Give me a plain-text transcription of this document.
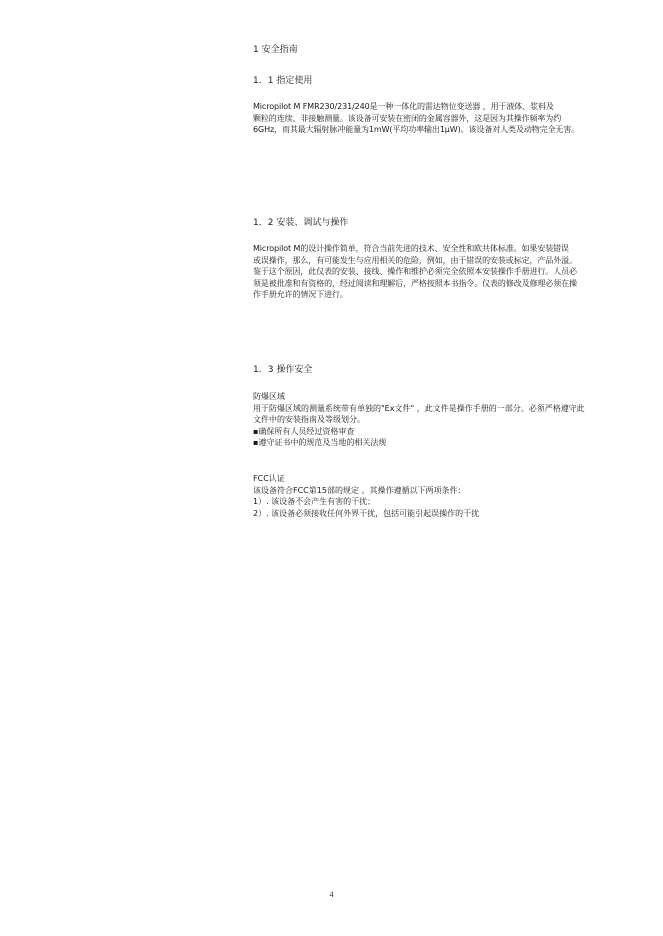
1 安全指南
1．1 指定使用
Micropilot M FMR230/231/240是一种一体化的雷达物位变送器 ，用于液体、浆料及
颗粒的连续、非接触测量。该设备可安装在密闭的金属容器外，这是因为其操作频率为约
6GHz，而其最大辐射脉冲能量为1mW(平均功率输出1μW)。该设备对人类及动物完全无害。
1．2 安装、调试与操作
Micropilot M的设计操作简单，符合当前先进的技术、安全性和欧共体标准。如果安装错误
或误操作，那么，有可能发生与应用相关的危险，例如，由于错误的安装或标定，产品外溢。
鉴于这个原因，此仪表的安装、接线、操作和维护必须完全依照本安装操作手册进行。人员必
须是被批准和有资格的，经过阅读和理解后，严格按照本书指令。仪表的修改及修理必须在操
作手册允许的情况下进行。
1．3 操作安全
防爆区域
用于防爆区域的测量系统带有单独的"Ex文件" ，此文件是操作手册的一部分。必须严格遵守此
文件中的安装指南及等级划分。
▪确保所有人员经过资格审查
▪遵守证书中的规范及当地的相关法规
FCC认证
该设备符合FCC第15部的规定 。其操作遵循以下两项条件：
1）. 该设备不会产生有害的干扰；
2）. 该设备必须接收任何外界干扰，包括可能引起误操作的干扰
4
